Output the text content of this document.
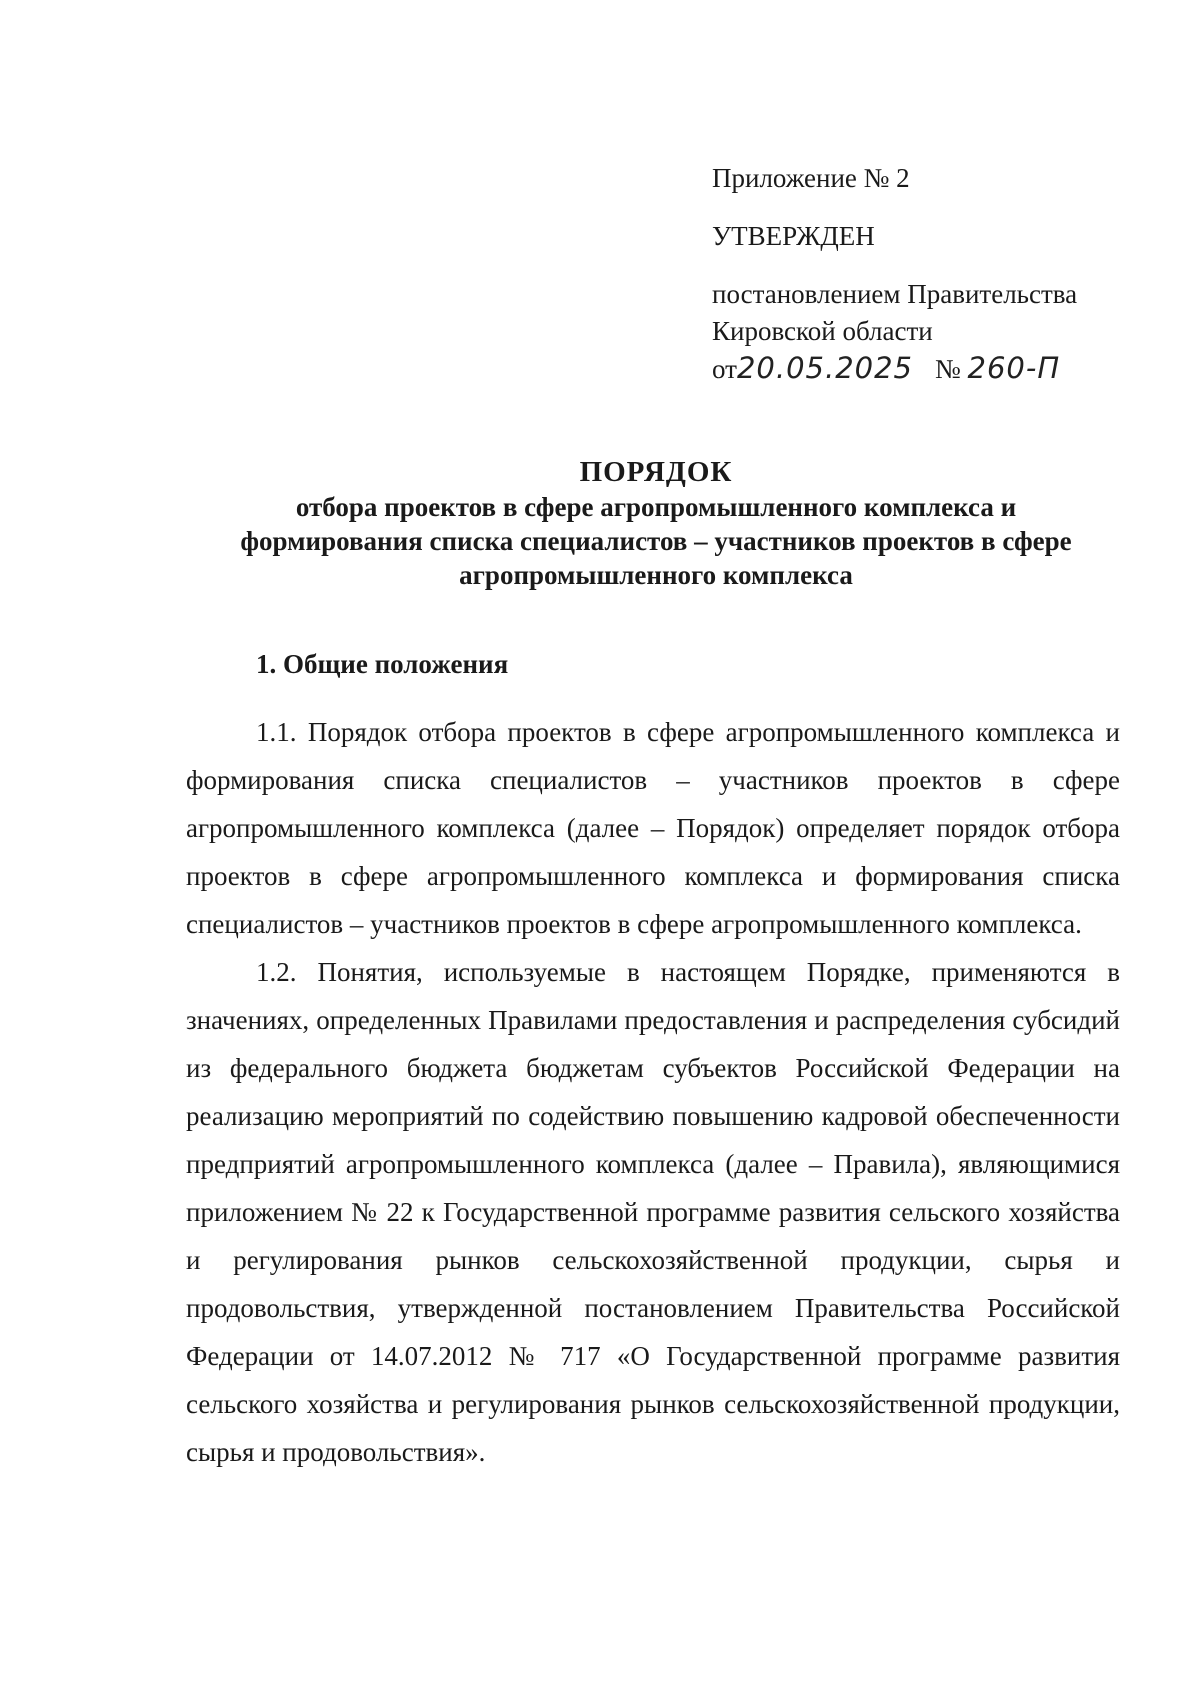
Приложение № 2
УТВЕРЖДЕН
постановлением Правительства
Кировской области
от20.05.2025 № 260-П
ПОРЯДОК
отбора проектов в сфере агропромышленного комплекса и
формирования списка специалистов – участников проектов в сфере
агропромышленного комплекса
1. Общие положения

1.1. Порядок отбора проектов в сфере агропромышленного комплекса и формирования списка специалистов – участников проектов в сфере агропромышленного комплекса (далее – Порядок) определяет порядок отбора проектов в сфере агропромышленного комплекса и формирования списка специалистов – участников проектов в сфере агропромышленного комплекса.

1.2. Понятия, используемые в настоящем Порядке, применяются в значениях, определенных Правилами предоставления и распределения субсидий из федерального бюджета бюджетам субъектов Российской Федерации на реализацию мероприятий по содействию повышению кадровой обеспеченности предприятий агропромышленного комплекса (далее – Правила), являющимися приложением № 22 к Государственной программе развития сельского хозяйства и регулирования рынков сельскохозяйственной продукции, сырья и продовольствия, утвержденной постановлением Правительства Российской Федерации от 14.07.2012 № 717 «О Государственной программе развития сельского хозяйства и регулирования рынков сельскохозяйственной продукции, сырья и продовольствия».
